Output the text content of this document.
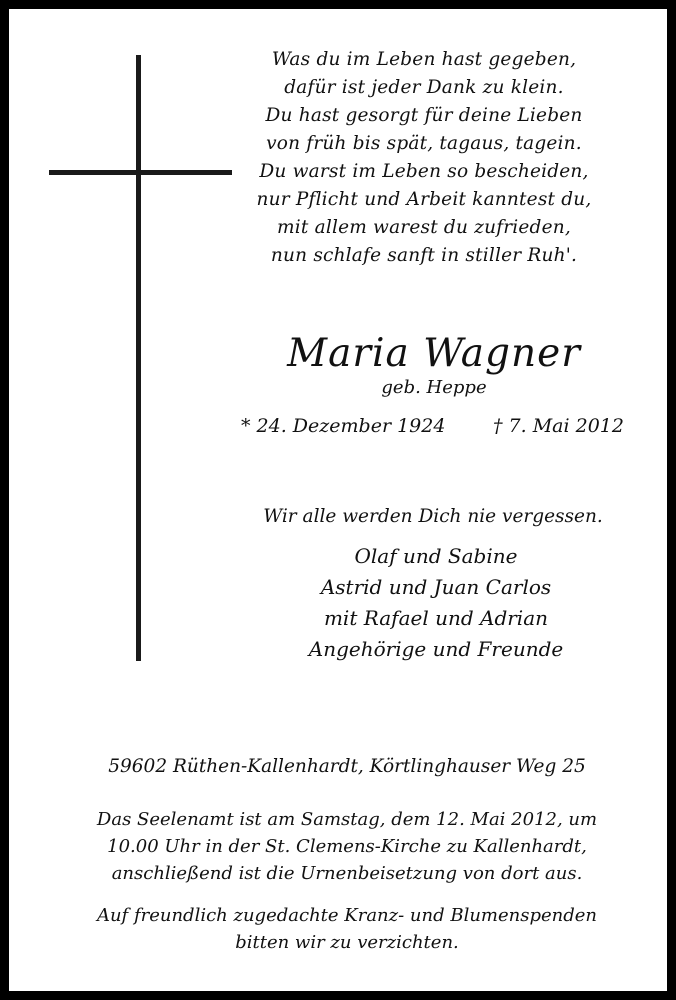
Was du im Leben hast gegeben,
dafür ist jeder Dank zu klein.
Du hast gesorgt für deine Lieben
von früh bis spät, tagaus, tagein.
Du warst im Leben so bescheiden,
nur Pflicht und Arbeit kanntest du,
mit allem warest du zufrieden,
nun schlafe sanft in stiller Ruh'.
Maria Wagner
geb. Heppe
* 24. Dezember 1924	† 7. Mai 2012
Wir alle werden Dich nie vergessen.
Olaf und Sabine
Astrid und Juan Carlos
mit Rafael und Adrian
Angehörige und Freunde
59602 Rüthen-Kallenhardt, Körtlinghauser Weg 25
Das Seelenamt ist am Samstag, dem 12. Mai 2012, um
10.00 Uhr in der St. Clemens-Kirche zu Kallenhardt,
anschließend ist die Urnenbeisetzung von dort aus.
Auf freundlich zugedachte Kranz- und Blumenspenden
bitten wir zu verzichten.
